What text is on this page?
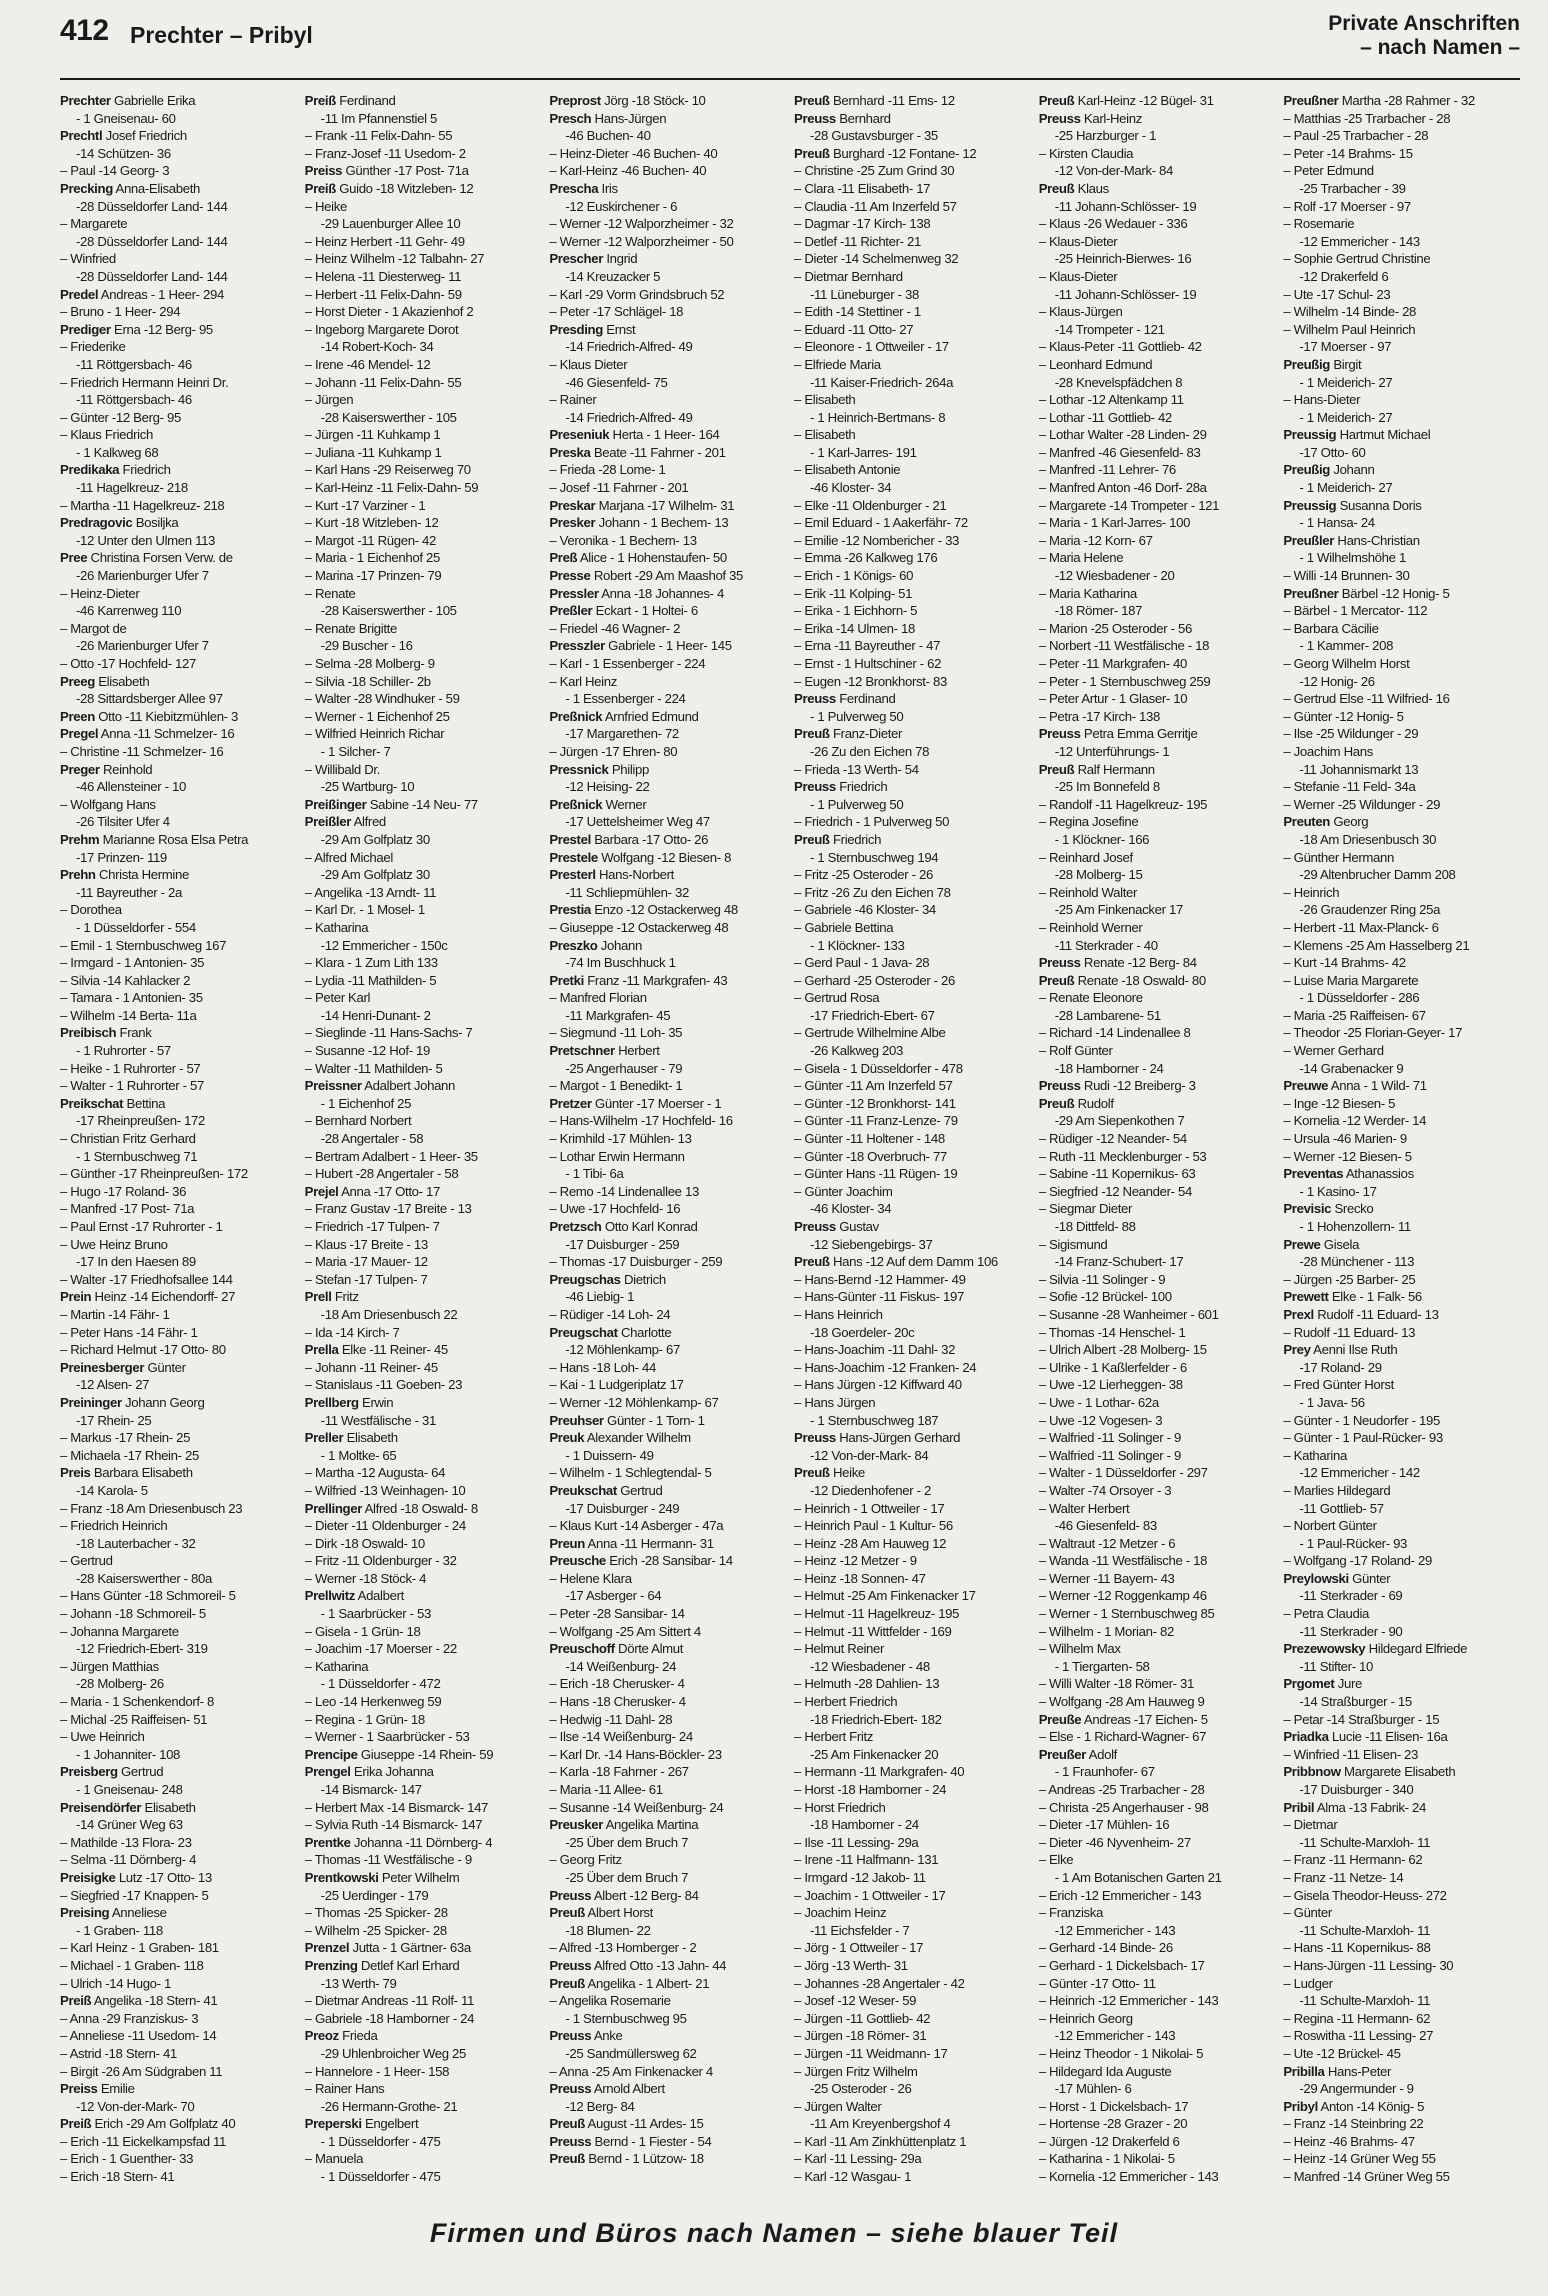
412 Prechter – Pribyl	Private Anschriften
– nach Namen –
Prechter Gabrielle Erika
- 1 Gneisenau- 60
Prechtl Josef Friedrich
-14 Schützen- 36
– Paul -14 Georg- 3
Precking Anna-Elisabeth
-28 Düsseldorfer Land- 144
– Margarete
-28 Düsseldorfer Land- 144
– Winfried
-28 Düsseldorfer Land- 144
Predel Andreas - 1 Heer- 294
– Bruno - 1 Heer- 294
Prediger Erna -12 Berg- 95
– Friederike
-11 Röttgersbach- 46
– Friedrich Hermann Heinri Dr.
-11 Röttgersbach- 46
– Günter -12 Berg- 95
– Klaus Friedrich
- 1 Kalkweg 68
Predikaka Friedrich
-11 Hagelkreuz- 218
– Martha -11 Hagelkreuz- 218
Predragovic Bosiljka
-12 Unter den Ulmen 113
Pree Christina Forsen Verw. de
-26 Marienburger Ufer 7
– Heinz-Dieter
-46 Karrenweg 110
– Margot de
-26 Marienburger Ufer 7
– Otto -17 Hochfeld- 127
Preeg Elisabeth
-28 Sittardsberger Allee 97
Preen Otto -11 Kiebitzmühlen- 3
Pregel Anna -11 Schmelzer- 16
– Christine -11 Schmelzer- 16
Preger Reinhold
-46 Allensteiner - 10
– Wolfgang Hans
-26 Tilsiter Ufer 4
Prehm Marianne Rosa Elsa Petra
-17 Prinzen- 119
Prehn Christa Hermine
-11 Bayreuther - 2a
– Dorothea
- 1 Düsseldorfer - 554
– Emil - 1 Sternbuschweg 167
– Irmgard - 1 Antonien- 35
– Silvia -14 Kahlacker 2
– Tamara - 1 Antonien- 35
– Wilhelm -14 Berta- 11a
Preibisch Frank
- 1 Ruhrorter - 57
– Heike - 1 Ruhrorter - 57
– Walter - 1 Ruhrorter - 57
Preikschat Bettina
-17 Rheinpreußen- 172
– Christian Fritz Gerhard
- 1 Sternbuschweg 71
– Günther -17 Rheinpreußen- 172
– Hugo -17 Roland- 36
– Manfred -17 Post- 71a
– Paul Ernst -17 Ruhrorter - 1
– Uwe Heinz Bruno
-17 In den Haesen 89
– Walter -17 Friedhofsallee 144
Prein Heinz -14 Eichendorff- 27
– Martin -14 Fähr- 1
– Peter Hans -14 Fähr- 1
– Richard Helmut -17 Otto- 80
Preinesberger Günter
-12 Alsen- 27
Preininger Johann Georg
-17 Rhein- 25
– Markus -17 Rhein- 25
– Michaela -17 Rhein- 25
Preis Barbara Elisabeth
-14 Karola- 5
– Franz -18 Am Driesenbusch 23
– Friedrich Heinrich
-18 Lauterbacher - 32
– Gertrud
-28 Kaiserswerther - 80a
– Hans Günter -18 Schmoreil- 5
– Johann -18 Schmoreil- 5
– Johanna Margarete
-12 Friedrich-Ebert- 319
– Jürgen Matthias
-28 Molberg- 26
– Maria - 1 Schenkendorf- 8
– Michal -25 Raiffeisen- 51
– Uwe Heinrich
- 1 Johanniter- 108
Preisberg Gertrud
- 1 Gneisenau- 248
Preisendörfer Elisabeth
-14 Grüner Weg 63
– Mathilde -13 Flora- 23
– Selma -11 Dörnberg- 4
Preisigke Lutz -17 Otto- 13
– Siegfried -17 Knappen- 5
Preising Anneliese
- 1 Graben- 118
– Karl Heinz - 1 Graben- 181
– Michael - 1 Graben- 118
– Ulrich -14 Hugo- 1
Preiß Angelika -18 Stern- 41
– Anna -29 Franziskus- 3
– Anneliese -11 Usedom- 14
– Astrid -18 Stern- 41
– Birgit -26 Am Südgraben 11
Preiss Emilie
-12 Von-der-Mark- 70
Preiß Erich -29 Am Golfplatz 40
– Erich -11 Eickelkampsfad 11
– Erich - 1 Guenther- 33
– Erich -18 Stern- 41
Preiß Ferdinand
-11 Im Pfannenstiel 5
– Frank -11 Felix-Dahn- 55
– Franz-Josef -11 Usedom- 2
Preiss Günther -17 Post- 71a
Preiß Guido -18 Witzleben- 12
– Heike
-29 Lauenburger Allee 10
– Heinz Herbert -11 Gehr- 49
– Heinz Wilhelm -12 Talbahn- 27
– Helena -11 Diesterweg- 11
– Herbert -11 Felix-Dahn- 59
– Horst Dieter - 1 Akazienhof 2
– Ingeborg Margarete Dorot
-14 Robert-Koch- 34
– Irene -46 Mendel- 12
– Johann -11 Felix-Dahn- 55
– Jürgen
-28 Kaiserswerther - 105
– Jürgen -11 Kuhkamp 1
– Juliana -11 Kuhkamp 1
– Karl Hans -29 Reiserweg 70
– Karl-Heinz -11 Felix-Dahn- 59
– Kurt -17 Varziner - 1
– Kurt -18 Witzleben- 12
– Margot -11 Rügen- 42
– Maria - 1 Eichenhof 25
– Marina -17 Prinzen- 79
– Renate
-28 Kaiserswerther - 105
– Renate Brigitte
-29 Buscher - 16
– Selma -28 Molberg- 9
– Silvia -18 Schiller- 2b
– Walter -28 Windhuker - 59
– Werner - 1 Eichenhof 25
– Wilfried Heinrich Richar
- 1 Silcher- 7
– Willibald Dr.
-25 Wartburg- 10
Preißinger Sabine -14 Neu- 77
Preißler Alfred
-29 Am Golfplatz 30
– Alfred Michael
-29 Am Golfplatz 30
– Angelika -13 Arndt- 11
– Karl Dr. - 1 Mosel- 1
– Katharina
-12 Emmericher - 150c
– Klara - 1 Zum Lith 133
– Lydia -11 Mathilden- 5
– Peter Karl
-14 Henri-Dunant- 2
– Sieglinde -11 Hans-Sachs- 7
– Susanne -12 Hof- 19
– Walter -11 Mathilden- 5
Preissner Adalbert Johann
- 1 Eichenhof 25
– Bernhard Norbert
-28 Angertaler - 58
– Bertram Adalbert - 1 Heer- 35
– Hubert -28 Angertaler - 58
Prejel Anna -17 Otto- 17
– Franz Gustav -17 Breite - 13
– Friedrich -17 Tulpen- 7
– Klaus -17 Breite - 13
– Maria -17 Mauer- 12
– Stefan -17 Tulpen- 7
Prell Fritz
-18 Am Driesenbusch 22
– Ida -14 Kirch- 7
Prella Elke -11 Reiner- 45
– Johann -11 Reiner- 45
– Stanislaus -11 Goeben- 23
Prellberg Erwin
-11 Westfälische - 31
Preller Elisabeth
- 1 Moltke- 65
– Martha -12 Augusta- 64
– Wilfried -13 Weinhagen- 10
Prellinger Alfred -18 Oswald- 8
– Dieter -11 Oldenburger - 24
– Dirk -18 Oswald- 10
– Fritz -11 Oldenburger - 32
– Werner -18 Stöck- 4
Prellwitz Adalbert
- 1 Saarbrücker - 53
– Gisela - 1 Grün- 18
– Joachim -17 Moerser - 22
– Katharina
- 1 Düsseldorfer - 472
– Leo -14 Herkenweg 59
– Regina - 1 Grün- 18
– Werner - 1 Saarbrücker - 53
Prencipe Giuseppe -14 Rhein- 59
Prengel Erika Johanna
-14 Bismarck- 147
– Herbert Max -14 Bismarck- 147
– Sylvia Ruth -14 Bismarck- 147
Prentke Johanna -11 Dörnberg- 4
– Thomas -11 Westfälische - 9
Prentkowski Peter Wilhelm
-25 Uerdinger - 179
– Thomas -25 Spicker- 28
– Wilhelm -25 Spicker- 28
Prenzel Jutta - 1 Gärtner- 63a
Prenzing Detlef Karl Erhard
-13 Werth- 79
– Dietmar Andreas -11 Rolf- 11
– Gabriele -18 Hamborner - 24
Preoz Frieda
-29 Uhlenbroicher Weg 25
– Hannelore - 1 Heer- 158
– Rainer Hans
-26 Hermann-Grothe- 21
Preperski Engelbert
- 1 Düsseldorfer - 475
– Manuela
- 1 Düsseldorfer - 475
Preprost Jörg -18 Stöck- 10
Presch Hans-Jürgen
-46 Buchen- 40
– Heinz-Dieter -46 Buchen- 40
– Karl-Heinz -46 Buchen- 40
Prescha Iris
-12 Euskirchener - 6
– Werner -12 Walporzheimer - 32
– Werner -12 Walporzheimer - 50
Prescher Ingrid
-14 Kreuzacker 5
– Karl -29 Vorm Grindsbruch 52
– Peter -17 Schlägel- 18
Presding Ernst
-14 Friedrich-Alfred- 49
– Klaus Dieter
-46 Giesenfeld- 75
– Rainer
-14 Friedrich-Alfred- 49
Preseniuk Herta - 1 Heer- 164
Preska Beate -11 Fahrner - 201
– Frieda -28 Lome- 1
– Josef -11 Fahrner - 201
Preskar Marjana -17 Wilhelm- 31
Presker Johann - 1 Bechem- 13
– Veronika - 1 Bechem- 13
Preß Alice - 1 Hohenstaufen- 50
Presse Robert -29 Am Maashof 35
Pressler Anna -18 Johannes- 4
Preßler Eckart - 1 Holtei- 6
– Friedel -46 Wagner- 2
Presszler Gabriele - 1 Heer- 145
– Karl - 1 Essenberger - 224
– Karl Heinz
- 1 Essenberger - 224
Preßnick Arnfried Edmund
-17 Margarethen- 72
– Jürgen -17 Ehren- 80
Pressnick Philipp
-12 Heising- 22
Preßnick Werner
-17 Uettelsheimer Weg 47
Prestel Barbara -17 Otto- 26
Prestele Wolfgang -12 Biesen- 8
Presterl Hans-Norbert
-11 Schliepmühlen- 32
Prestia Enzo -12 Ostackerweg 48
– Giuseppe -12 Ostackerweg 48
Preszko Johann
-74 Im Buschhuck 1
Pretki Franz -11 Markgrafen- 43
– Manfred Florian
-11 Markgrafen- 45
– Siegmund -11 Loh- 35
Pretschner Herbert
-25 Angerhauser - 79
– Margot - 1 Benedikt- 1
Pretzer Günter -17 Moerser - 1
– Hans-Wilhelm -17 Hochfeld- 16
– Krimhild -17 Mühlen- 13
– Lothar Erwin Hermann
- 1 Tibi- 6a
– Remo -14 Lindenallee 13
– Uwe -17 Hochfeld- 16
Pretzsch Otto Karl Konrad
-17 Duisburger - 259
– Thomas -17 Duisburger - 259
Preugschas Dietrich
-46 Liebig- 1
– Rüdiger -14 Loh- 24
Preugschat Charlotte
-12 Möhlenkamp- 67
– Hans -18 Loh- 44
– Kai - 1 Ludgeriplatz 17
– Werner -12 Möhlenkamp- 67
Preuhser Günter - 1 Torn- 1
Preuk Alexander Wilhelm
- 1 Duissern- 49
– Wilhelm - 1 Schlegtendal- 5
Preukschat Gertrud
-17 Duisburger - 249
– Klaus Kurt -14 Asberger - 47a
Preun Anna -11 Hermann- 31
Preusche Erich -28 Sansibar- 14
– Helene Klara
-17 Asberger - 64
– Peter -28 Sansibar- 14
– Wolfgang -25 Am Sittert 4
Preuschoff Dörte Almut
-14 Weißenburg- 24
– Erich -18 Cherusker- 4
– Hans -18 Cherusker- 4
– Hedwig -11 Dahl- 28
– Ilse -14 Weißenburg- 24
– Karl Dr. -14 Hans-Böckler- 23
– Karla -18 Fahrner - 267
– Maria -11 Allee- 61
– Susanne -14 Weißenburg- 24
Preusker Angelika Martina
-25 Über dem Bruch 7
– Georg Fritz
-25 Über dem Bruch 7
Preuss Albert -12 Berg- 84
Preuß Albert Horst
-18 Blumen- 22
– Alfred -13 Homberger - 2
Preuss Alfred Otto -13 Jahn- 44
Preuß Angelika - 1 Albert- 21
– Angelika Rosemarie
- 1 Sternbuschweg 95
Preuss Anke
-25 Sandmüllersweg 62
– Anna -25 Am Finkenacker 4
Preuss Arnold Albert
-12 Berg- 84
Preuß August -11 Ardes- 15
Preuss Bernd - 1 Fiester - 54
Preuß Bernd - 1 Lützow- 18
Preuß Bernhard -11 Ems- 12
Preuss Bernhard
-28 Gustavsburger - 35
Preuß Burghard -12 Fontane- 12
– Christine -25 Zum Grind 30
– Clara -11 Elisabeth- 17
– Claudia -11 Am Inzerfeld 57
– Dagmar -17 Kirch- 138
– Detlef -11 Richter- 21
– Dieter -14 Schelmenweg 32
– Dietmar Bernhard
-11 Lüneburger - 38
– Edith -14 Stettiner - 1
– Eduard -11 Otto- 27
– Eleonore - 1 Ottweiler - 17
– Elfriede Maria
-11 Kaiser-Friedrich- 264a
– Elisabeth
- 1 Heinrich-Bertmans- 8
– Elisabeth
- 1 Karl-Jarres- 191
– Elisabeth Antonie
-46 Kloster- 34
– Elke -11 Oldenburger - 21
– Emil Eduard - 1 Aakerfähr- 72
– Emilie -12 Nombericher - 33
– Emma -26 Kalkweg 176
– Erich - 1 Königs- 60
– Erik -11 Kolping- 51
– Erika - 1 Eichhorn- 5
– Erika -14 Ulmen- 18
– Erna -11 Bayreuther - 47
– Ernst - 1 Hultschiner - 62
– Eugen -12 Bronkhorst- 83
Preuss Ferdinand
- 1 Pulverweg 50
Preuß Franz-Dieter
-26 Zu den Eichen 78
– Frieda -13 Werth- 54
Preuss Friedrich
- 1 Pulverweg 50
– Friedrich - 1 Pulverweg 50
Preuß Friedrich
- 1 Sternbuschweg 194
– Fritz -25 Osteroder - 26
– Fritz -26 Zu den Eichen 78
– Gabriele -46 Kloster- 34
– Gabriele Bettina
- 1 Klöckner- 133
– Gerd Paul - 1 Java- 28
– Gerhard -25 Osteroder - 26
– Gertrud Rosa
-17 Friedrich-Ebert- 67
– Gertrude Wilhelmine Albe
-26 Kalkweg 203
– Gisela - 1 Düsseldorfer - 478
– Günter -11 Am Inzerfeld 57
– Günter -12 Bronkhorst- 141
– Günter -11 Franz-Lenze- 79
– Günter -11 Holtener - 148
– Günter -18 Overbruch- 77
– Günter Hans -11 Rügen- 19
– Günter Joachim
-46 Kloster- 34
Preuss Gustav
-12 Siebengebirgs- 37
Preuß Hans -12 Auf dem Damm 106
– Hans-Bernd -12 Hammer- 49
– Hans-Günter -11 Fiskus- 197
– Hans Heinrich
-18 Goerdeler- 20c
– Hans-Joachim -11 Dahl- 32
– Hans-Joachim -12 Franken- 24
– Hans Jürgen -12 Kiffward 40
– Hans Jürgen
- 1 Sternbuschweg 187
Preuss Hans-Jürgen Gerhard
-12 Von-der-Mark- 84
Preuß Heike
-12 Diedenhofener - 2
– Heinrich - 1 Ottweiler - 17
– Heinrich Paul - 1 Kultur- 56
– Heinz -28 Am Hauweg 12
– Heinz -12 Metzer - 9
– Heinz -18 Sonnen- 47
– Helmut -25 Am Finkenacker 17
– Helmut -11 Hagelkreuz- 195
– Helmut -11 Wittfelder - 169
– Helmut Reiner
-12 Wiesbadener - 48
– Helmuth -28 Dahlien- 13
– Herbert Friedrich
-18 Friedrich-Ebert- 182
– Herbert Fritz
-25 Am Finkenacker 20
– Hermann -11 Markgrafen- 40
– Horst -18 Hamborner - 24
– Horst Friedrich
-18 Hamborner - 24
– Ilse -11 Lessing- 29a
– Irene -11 Halfmann- 131
– Irmgard -12 Jakob- 11
– Joachim - 1 Ottweiler - 17
– Joachim Heinz
-11 Eichsfelder - 7
– Jörg - 1 Ottweiler - 17
– Jörg -13 Werth- 31
– Johannes -28 Angertaler - 42
– Josef -12 Weser- 59
– Jürgen -11 Gottlieb- 42
– Jürgen -18 Römer- 31
– Jürgen -11 Weidmann- 17
– Jürgen Fritz Wilhelm
-25 Osteroder - 26
– Jürgen Walter
-11 Am Kreyenbergshof 4
– Karl -11 Am Zinkhüttenplatz 1
– Karl -11 Lessing- 29a
– Karl -12 Wasgau- 1
Preuß Karl-Heinz -12 Bügel- 31
Preuss Karl-Heinz
-25 Harzburger - 1
– Kirsten Claudia
-12 Von-der-Mark- 84
Preuß Klaus
-11 Johann-Schlösser- 19
– Klaus -26 Wedauer - 336
– Klaus-Dieter
-25 Heinrich-Bierwes- 16
– Klaus-Dieter
-11 Johann-Schlösser- 19
– Klaus-Jürgen
-14 Trompeter - 121
– Klaus-Peter -11 Gottlieb- 42
– Leonhard Edmund
-28 Knevelspfädchen 8
– Lothar -12 Altenkamp 11
– Lothar -11 Gottlieb- 42
– Lothar Walter -28 Linden- 29
– Manfred -46 Giesenfeld- 83
– Manfred -11 Lehrer- 76
– Manfred Anton -46 Dorf- 28a
– Margarete -14 Trompeter - 121
– Maria - 1 Karl-Jarres- 100
– Maria -12 Korn- 67
– Maria Helene
-12 Wiesbadener - 20
– Maria Katharina
-18 Römer- 187
– Marion -25 Osteroder - 56
– Norbert -11 Westfälische - 18
– Peter -11 Markgrafen- 40
– Peter - 1 Sternbuschweg 259
– Peter Artur - 1 Glaser- 10
– Petra -17 Kirch- 138
Preuss Petra Emma Gerritje
-12 Unterführungs- 1
Preuß Ralf Hermann
-25 Im Bonnefeld 8
– Randolf -11 Hagelkreuz- 195
– Regina Josefine
- 1 Klöckner- 166
– Reinhard Josef
-28 Molberg- 15
– Reinhold Walter
-25 Am Finkenacker 17
– Reinhold Werner
-11 Sterkrader - 40
Preuss Renate -12 Berg- 84
Preuß Renate -18 Oswald- 80
– Renate Eleonore
-28 Lambarene- 51
– Richard -14 Lindenallee 8
– Rolf Günter
-18 Hamborner - 24
Preuss Rudi -12 Breiberg- 3
Preuß Rudolf
-29 Am Siepenkothen 7
– Rüdiger -12 Neander- 54
– Ruth -11 Mecklenburger - 53
– Sabine -11 Kopernikus- 63
– Siegfried -12 Neander- 54
– Siegmar Dieter
-18 Dittfeld- 88
– Sigismund
-14 Franz-Schubert- 17
– Silvia -11 Solinger - 9
– Sofie -12 Brückel- 100
– Susanne -28 Wanheimer - 601
– Thomas -14 Henschel- 1
– Ulrich Albert -28 Molberg- 15
– Ulrike - 1 Kaßlerfelder - 6
– Uwe -12 Lierheggen- 38
– Uwe - 1 Lothar- 62a
– Uwe -12 Vogesen- 3
– Walfried -11 Solinger - 9
– Walfried -11 Solinger - 9
– Walter - 1 Düsseldorfer - 297
– Walter -74 Orsoyer - 3
– Walter Herbert
-46 Giesenfeld- 83
– Waltraut -12 Metzer - 6
– Wanda -11 Westfälische - 18
– Werner -11 Bayern- 43
– Werner -12 Roggenkamp 46
– Werner - 1 Sternbuschweg 85
– Wilhelm - 1 Morian- 82
– Wilhelm Max
- 1 Tiergarten- 58
– Willi Walter -18 Römer- 31
– Wolfgang -28 Am Hauweg 9
Preuße Andreas -17 Eichen- 5
– Else - 1 Richard-Wagner- 67
Preußer Adolf
- 1 Fraunhofer- 67
– Andreas -25 Trarbacher - 28
– Christa -25 Angerhauser - 98
– Dieter -17 Mühlen- 16
– Dieter -46 Nyvenheim- 27
– Elke
- 1 Am Botanischen Garten 21
– Erich -12 Emmericher - 143
– Franziska
-12 Emmericher - 143
– Gerhard -14 Binde- 26
– Gerhard - 1 Dickelsbach- 17
– Günter -17 Otto- 11
– Heinrich -12 Emmericher - 143
– Heinrich Georg
-12 Emmericher - 143
– Heinz Theodor - 1 Nikolai- 5
– Hildegard Ida Auguste
-17 Mühlen- 6
– Horst - 1 Dickelsbach- 17
– Hortense -28 Grazer - 20
– Jürgen -12 Drakerfeld 6
– Katharina - 1 Nikolai- 5
– Kornelia -12 Emmericher - 143
Preußner Martha -28 Rahmer - 32
– Matthias -25 Trarbacher - 28
– Paul -25 Trarbacher - 28
– Peter -14 Brahms- 15
– Peter Edmund
-25 Trarbacher - 39
– Rolf -17 Moerser - 97
– Rosemarie
-12 Emmericher - 143
– Sophie Gertrud Christine
-12 Drakerfeld 6
– Ute -17 Schul- 23
– Wilhelm -14 Binde- 28
– Wilhelm Paul Heinrich
-17 Moerser - 97
Preußig Birgit
- 1 Meiderich- 27
– Hans-Dieter
- 1 Meiderich- 27
Preussig Hartmut Michael
-17 Otto- 60
Preußig Johann
- 1 Meiderich- 27
Preussig Susanna Doris
- 1 Hansa- 24
Preußler Hans-Christian
- 1 Wilhelmshöhe 1
– Willi -14 Brunnen- 30
Preußner Bärbel -12 Honig- 5
– Bärbel - 1 Mercator- 112
– Barbara Cäcilie
- 1 Kammer- 208
– Georg Wilhelm Horst
-12 Honig- 26
– Gertrud Else -11 Wilfried- 16
– Günter -12 Honig- 5
– Ilse -25 Wildunger - 29
– Joachim Hans
-11 Johannismarkt 13
– Stefanie -11 Feld- 34a
– Werner -25 Wildunger - 29
Preuten Georg
-18 Am Driesenbusch 30
– Günther Hermann
-29 Altenbrucher Damm 208
– Heinrich
-26 Graudenzer Ring 25a
– Herbert -11 Max-Planck- 6
– Klemens -25 Am Hasselberg 21
– Kurt -14 Brahms- 42
– Luise Maria Margarete
- 1 Düsseldorfer - 286
– Maria -25 Raiffeisen- 67
– Theodor -25 Florian-Geyer- 17
– Werner Gerhard
-14 Grabenacker 9
Preuwe Anna - 1 Wild- 71
– Inge -12 Biesen- 5
– Kornelia -12 Werder- 14
– Ursula -46 Marien- 9
– Werner -12 Biesen- 5
Preventas Athanassios
- 1 Kasino- 17
Previsic Srecko
- 1 Hohenzollern- 11
Prewe Gisela
-28 Münchener - 113
– Jürgen -25 Barber- 25
Prewett Elke - 1 Falk- 56
Prexl Rudolf -11 Eduard- 13
– Rudolf -11 Eduard- 13
Prey Aenni Ilse Ruth
-17 Roland- 29
– Fred Günter Horst
- 1 Java- 56
– Günter - 1 Neudorfer - 195
– Günter - 1 Paul-Rücker- 93
– Katharina
-12 Emmericher - 142
– Marlies Hildegard
-11 Gottlieb- 57
– Norbert Günter
- 1 Paul-Rücker- 93
– Wolfgang -17 Roland- 29
Preylowski Günter
-11 Sterkrader - 69
– Petra Claudia
-11 Sterkrader - 90
Prezewowsky Hildegard Elfriede
-11 Stifter- 10
Prgomet Jure
-14 Straßburger - 15
– Petar -14 Straßburger - 15
Priadka Lucie -11 Elisen- 16a
– Winfried -11 Elisen- 23
Pribbnow Margarete Elisabeth
-17 Duisburger - 340
Pribil Alma -13 Fabrik- 24
– Dietmar
-11 Schulte-Marxloh- 11
– Franz -11 Hermann- 62
– Franz -11 Netze- 14
– Gisela Theodor-Heuss- 272
– Günter
-11 Schulte-Marxloh- 11
– Hans -11 Kopernikus- 88
– Hans-Jürgen -11 Lessing- 30
– Ludger
-11 Schulte-Marxloh- 11
– Regina -11 Hermann- 62
– Roswitha -11 Lessing- 27
– Ute -12 Brückel- 45
Pribilla Hans-Peter
-29 Angermunder - 9
Pribyl Anton -14 König- 5
– Franz -14 Steinbring 22
– Heinz -46 Brahms- 47
– Heinz -14 Grüner Weg 55
– Manfred -14 Grüner Weg 55
Firmen und Büros nach Namen – siehe blauer Teil
